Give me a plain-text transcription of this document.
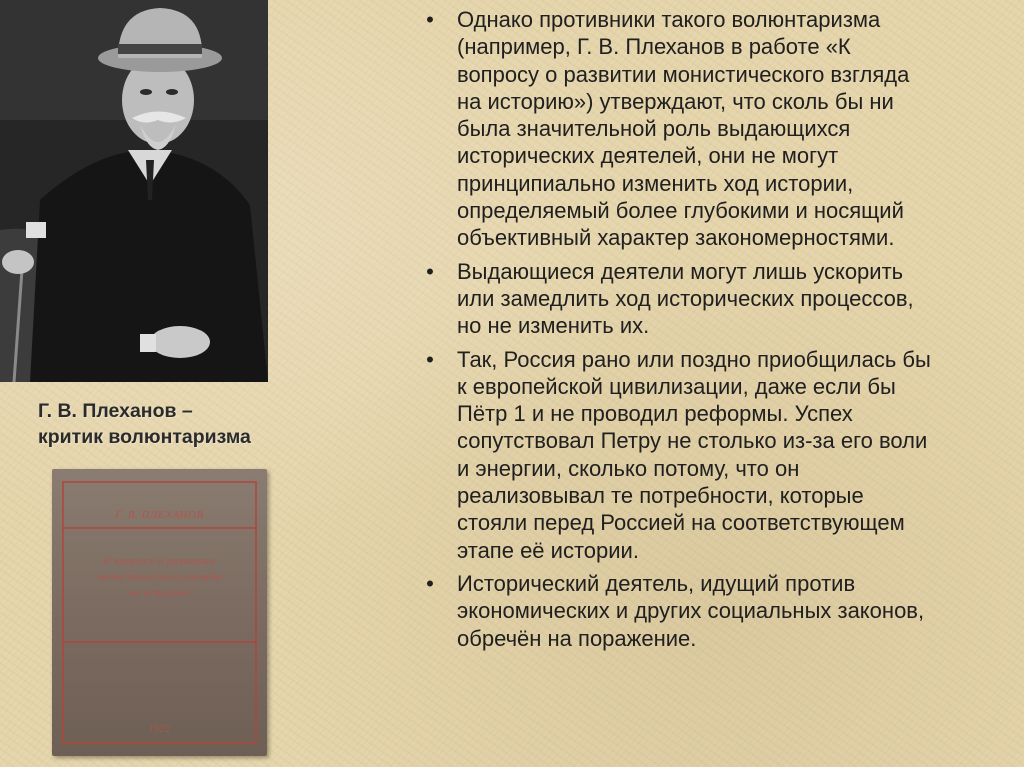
Г. В. Плеханов –
критик волюнтаризма
Г. В. ПЛЕХАНОВ
К вопросу о развитии
монистического взгляда
на историю
1922
• Однако противники такого волюнтаризма
(например, Г. В. Плеханов в работе «К
вопросу о развитии монистического взгляда
на историю») утверждают, что сколь бы ни
была значительной роль выдающихся
исторических деятелей, они не могут
принципиально изменить ход истории,
определяемый более глубокими и носящий
объективный характер закономерностями.
• Выдающиеся деятели могут лишь ускорить
или замедлить ход исторических процессов,
но не изменить их.
• Так, Россия рано или поздно приобщилась бы
к европейской цивилизации, даже если бы
Пётр 1 и не проводил реформы. Успех
сопутствовал Петру не столько из-за его воли
и энергии, сколько потому, что он
реализовывал те потребности, которые
стояли перед Россией на соответствующем
этапе её истории.
• Исторический деятель, идущий против
экономических и других социальных законов,
обречён на поражение.
